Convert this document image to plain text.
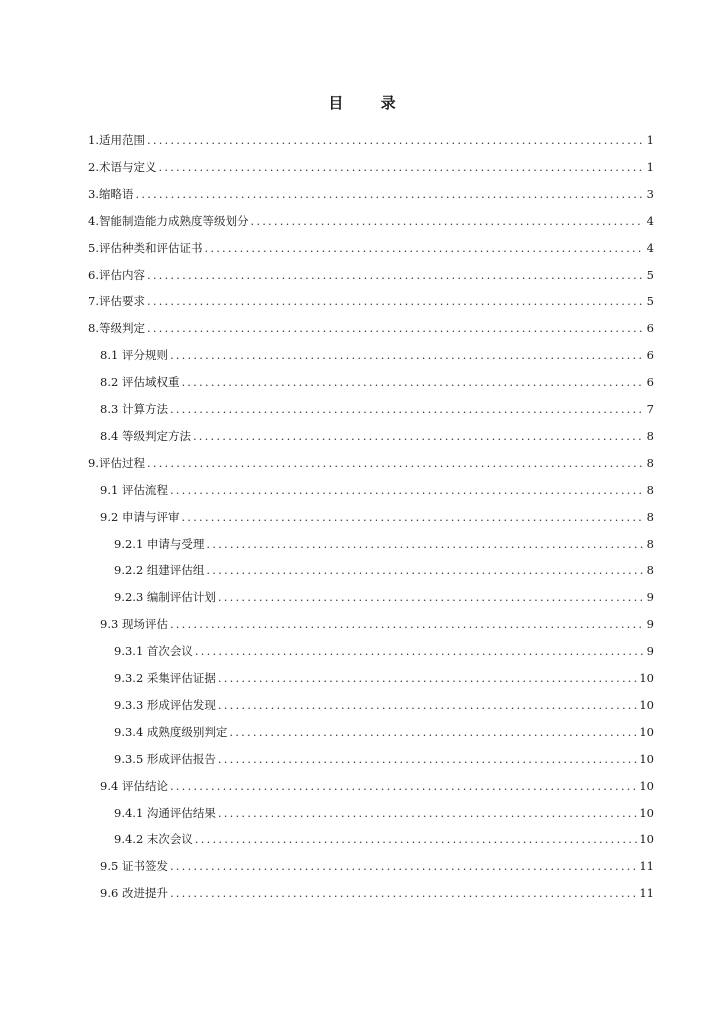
目 录
1.适用范围 .....	1
2.术语与定义 .....	1
3.缩略语 .....	3
4.智能制造能力成熟度等级划分 .....	4
5.评估种类和评估证书 .....	4
6.评估内容 .....	5
7.评估要求 .....	5
8.等级判定 .....	6
8.1 评分规则 .....	6
8.2 评估域权重 .....	6
8.3 计算方法 .....	7
8.4 等级判定方法 .....	8
9.评估过程 .....	8
9.1 评估流程 .....	8
9.2 申请与评审 .....	8
9.2.1 申请与受理 .....	8
9.2.2 组建评估组 .....	8
9.2.3 编制评估计划 .....	9
9.3 现场评估 .....	9
9.3.1 首次会议 .....	9
9.3.2 采集评估证据 .....	10
9.3.3 形成评估发现 .....	10
9.3.4 成熟度级别判定 .....	10
9.3.5 形成评估报告 .....	10
9.4 评估结论 .....	10
9.4.1 沟通评估结果 .....	10
9.4.2 末次会议 .....	10
9.5 证书签发 .....	11
9.6 改进提升 .....	11
